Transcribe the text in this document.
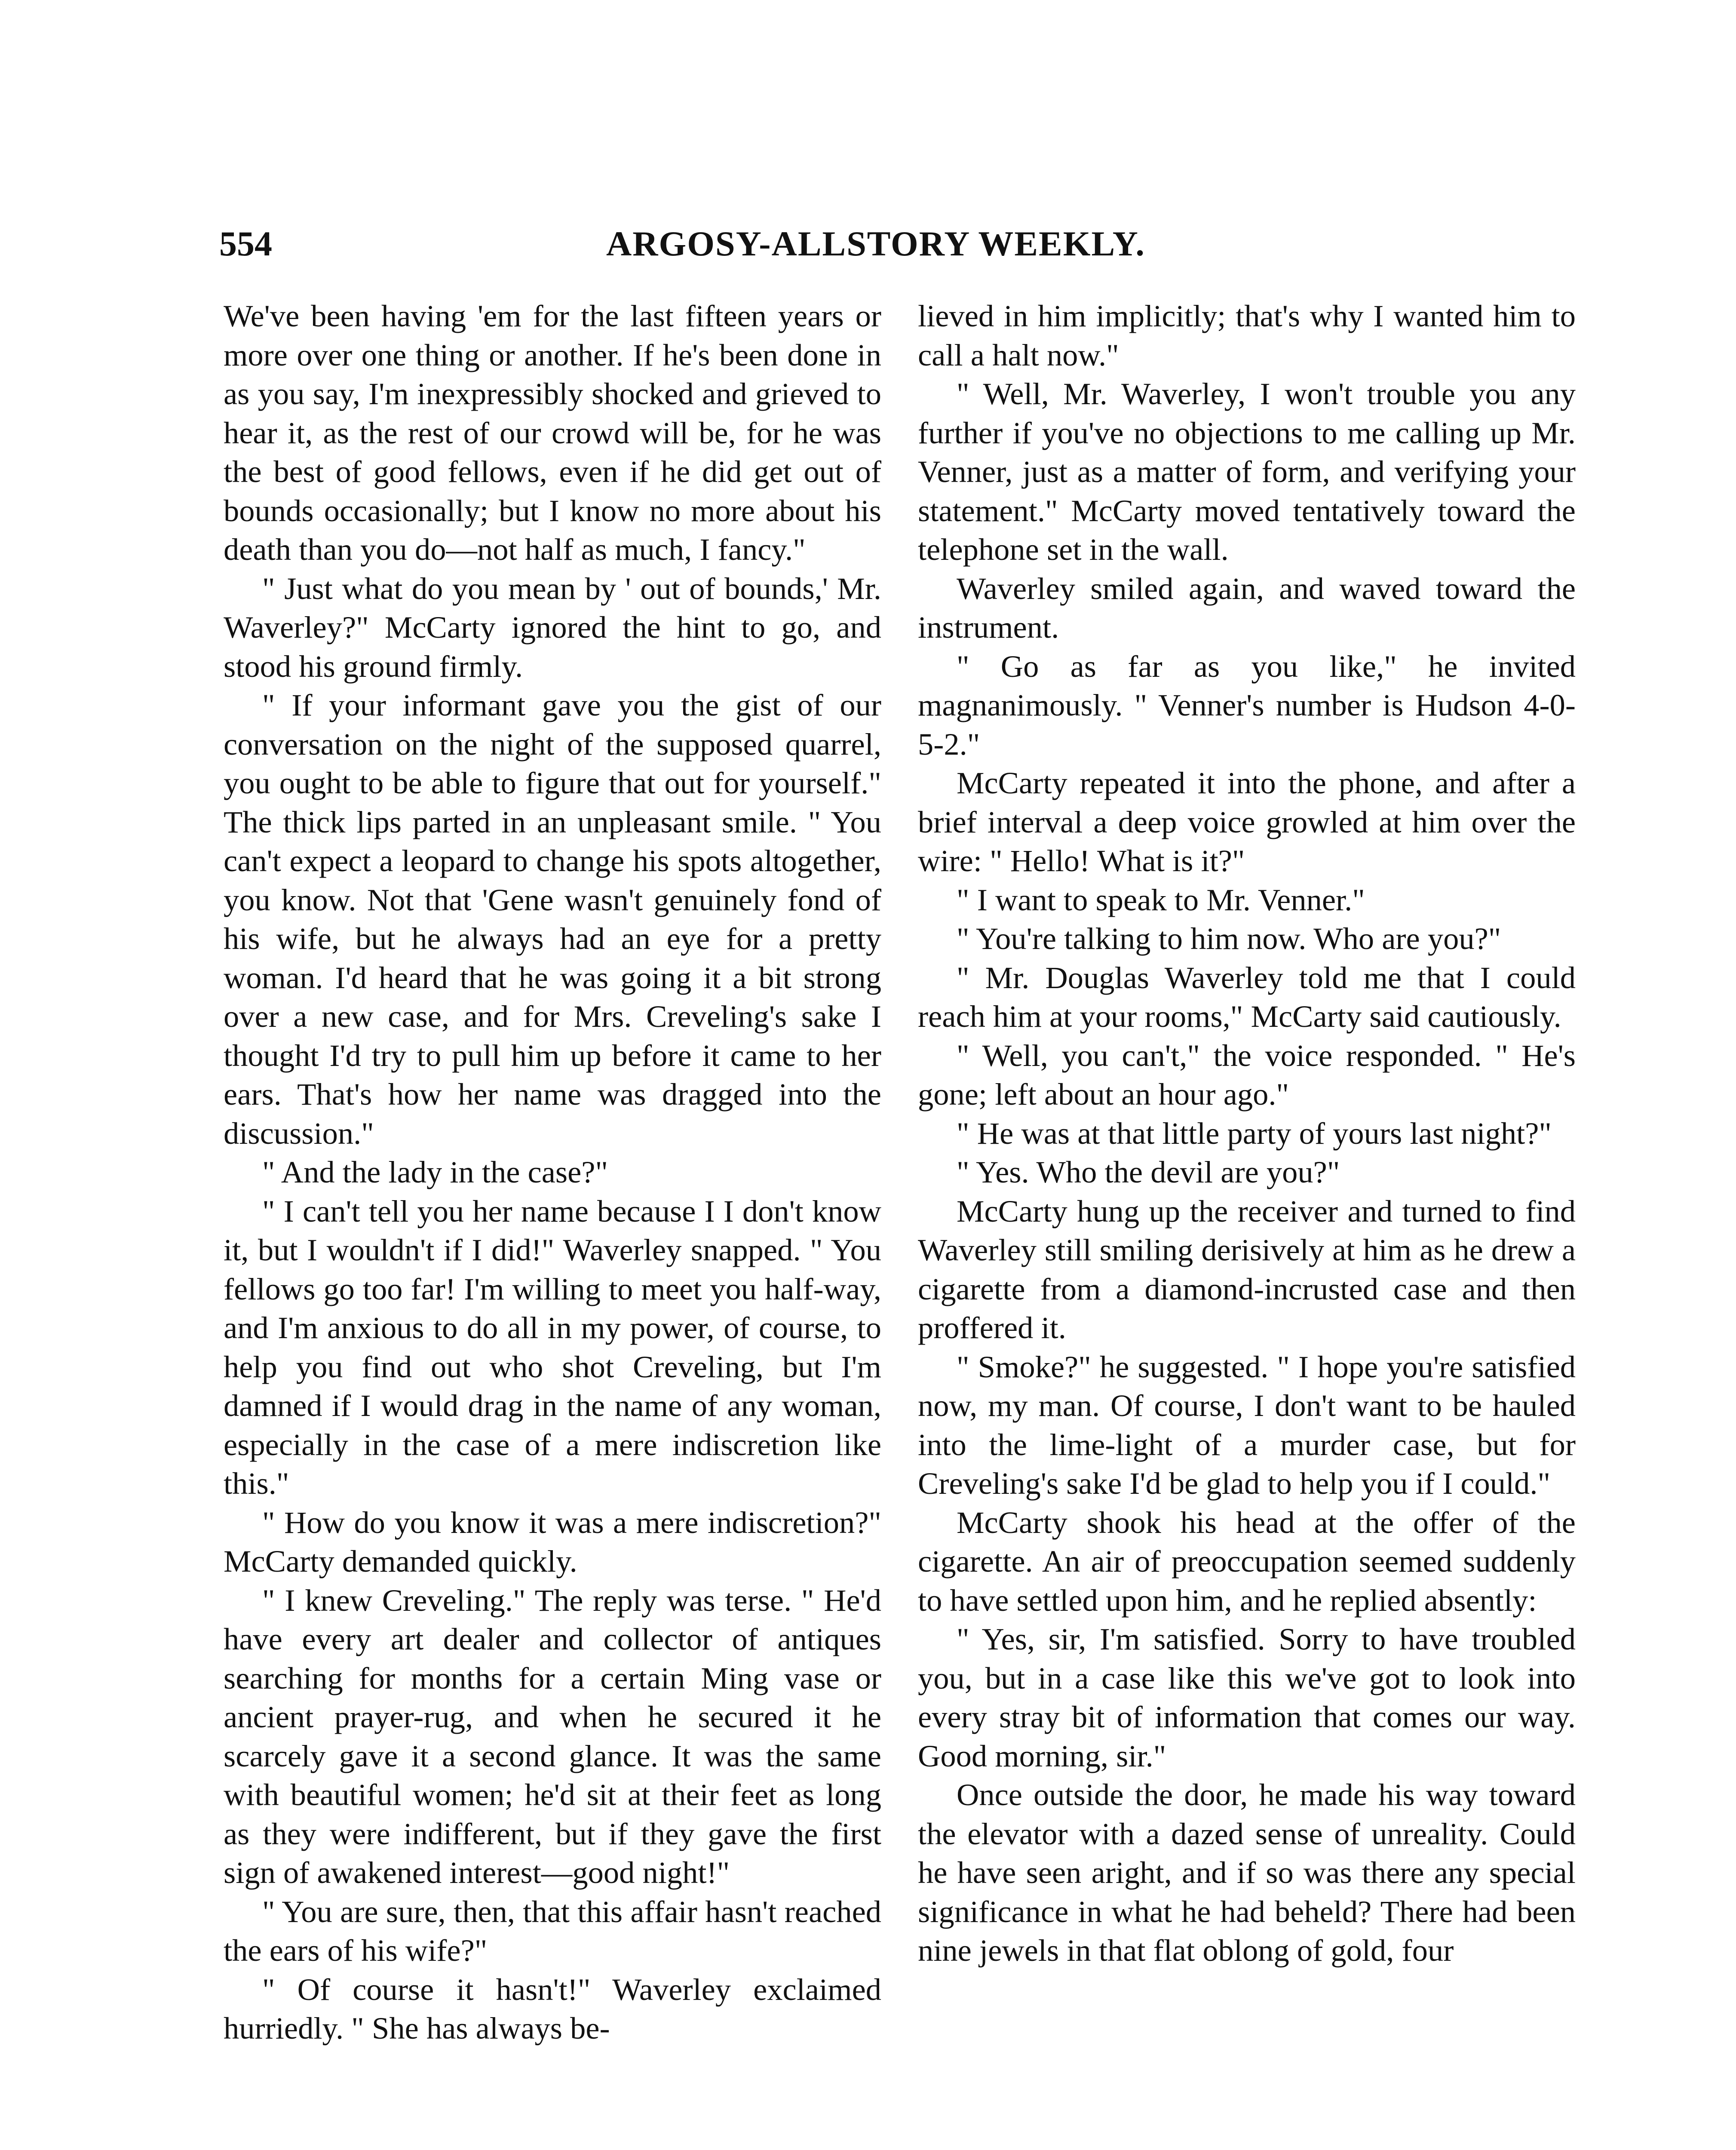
554	ARGOSY-ALLSTORY WEEKLY.

We've been having 'em for the last fifteen years or more over one thing or another. If he's been done in as you say, I'm inexpressibly shocked and grieved to hear it, as the rest of our crowd will be, for he was the best of good fellows, even if he did get out of bounds occasionally; but I know no more about his death than you do—not half as much, I fancy."

" Just what do you mean by ' out of bounds,' Mr. Waverley?" McCarty ignored the hint to go, and stood his ground firmly.

" If your informant gave you the gist of our conversation on the night of the supposed quarrel, you ought to be able to figure that out for yourself." The thick lips parted in an unpleasant smile. " You can't expect a leopard to change his spots altogether, you know. Not that 'Gene wasn't genuinely fond of his wife, but he always had an eye for a pretty woman. I'd heard that he was going it a bit strong over a new case, and for Mrs. Creveling's sake I thought I'd try to pull him up before it came to her ears. That's how her name was dragged into the discussion."

" And the lady in the case?"

" I can't tell you her name because I I don't know it, but I wouldn't if I did!" Waverley snapped. " You fellows go too far! I'm willing to meet you half-way, and I'm anxious to do all in my power, of course, to help you find out who shot Creveling, but I'm damned if I would drag in the name of any woman, especially in the case of a mere indiscretion like this."

" How do you know it was a mere indiscretion?" McCarty demanded quickly.

" I knew Creveling." The reply was terse. " He'd have every art dealer and collector of antiques searching for months for a certain Ming vase or ancient prayer-rug, and when he secured it he scarcely gave it a second glance. It was the same with beautiful women; he'd sit at their feet as long as they were indifferent, but if they gave the first sign of awakened interest—good night!"

" You are sure, then, that this affair hasn't reached the ears of his wife?"

" Of course it hasn't!" Waverley exclaimed hurriedly. " She has always be-

lieved in him implicitly; that's why I wanted him to call a halt now."

" Well, Mr. Waverley, I won't trouble you any further if you've no objections to me calling up Mr. Venner, just as a matter of form, and verifying your statement." McCarty moved tentatively toward the telephone set in the wall.

Waverley smiled again, and waved toward the instrument.

" Go as far as you like," he invited magnanimously. " Venner's number is Hudson 4-0-5-2."

McCarty repeated it into the phone, and after a brief interval a deep voice growled at him over the wire: " Hello! What is it?"

" I want to speak to Mr. Venner."

" You're talking to him now. Who are you?"

" Mr. Douglas Waverley told me that I could reach him at your rooms," McCarty said cautiously.

" Well, you can't," the voice responded. " He's gone; left about an hour ago."

" He was at that little party of yours last night?"

" Yes. Who the devil are you?"

McCarty hung up the receiver and turned to find Waverley still smiling derisively at him as he drew a cigarette from a diamond-incrusted case and then proffered it.

" Smoke?" he suggested. " I hope you're satisfied now, my man. Of course, I don't want to be hauled into the lime-light of a murder case, but for Creveling's sake I'd be glad to help you if I could."

McCarty shook his head at the offer of the cigarette. An air of preoccupation seemed suddenly to have settled upon him, and he replied absently:

" Yes, sir, I'm satisfied. Sorry to have troubled you, but in a case like this we've got to look into every stray bit of information that comes our way. Good morning, sir."

Once outside the door, he made his way toward the elevator with a dazed sense of unreality. Could he have seen aright, and if so was there any special significance in what he had beheld? There had been nine jewels in that flat oblong of gold, four
